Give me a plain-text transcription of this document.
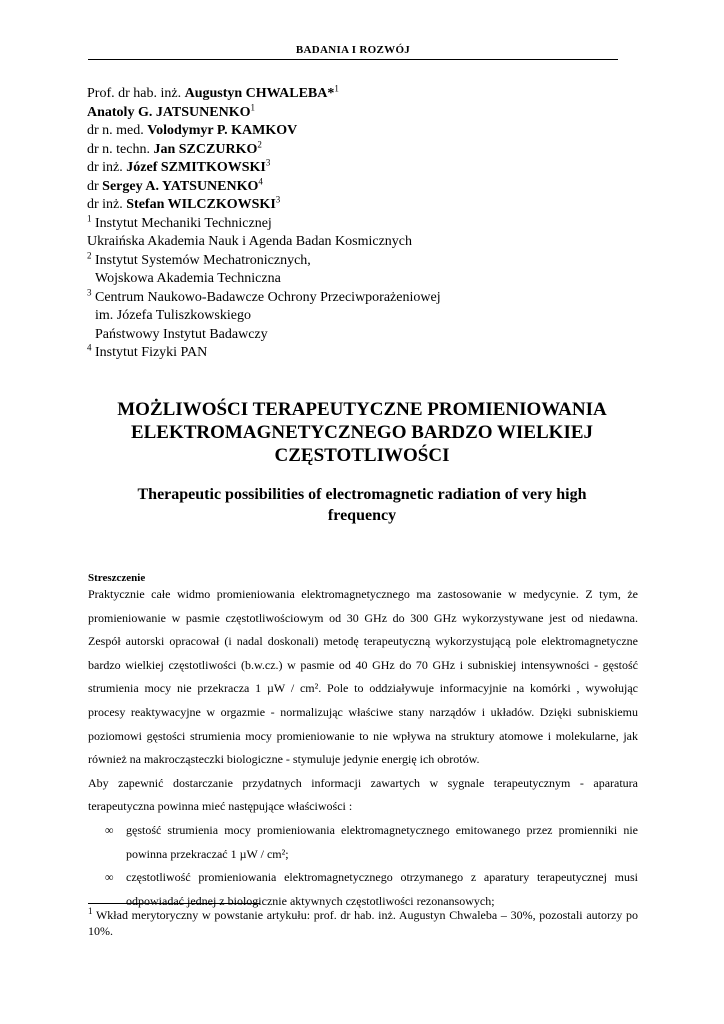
BADANIA I ROZWÓJ
Prof. dr hab. inż. Augustyn CHWALEBA*$^1$
Anatoly G. JATSUNENKO$^1$
dr n. med. Volodymyr P. KAMKOV
dr n. techn. Jan SZCZURKO$^2$
dr inż. Józef SZMITKOWSKI$^3$
dr Sergey A. YATSUNENKO$^4$
dr inż. Stefan WILCZKOWSKI$^3$
$^1$ Instytut Mechaniki Technicznej
Ukraińska Akademia Nauk i Agenda Badan Kosmicznych
$^2$ Instytut Systemów Mechatronicznych,
Wojskowa Akademia Techniczna
$^3$ Centrum Naukowo-Badawcze Ochrony Przeciwporażeniowej
im. Józefa Tuliszkowskiego
Państwowy Instytut Badawczy
$^4$ Instytut Fizyki PAN
MOŻLIWOŚCI TERAPEUTYCZNE PROMIENIOWANIA
ELEKTROMAGNETYCZNEGO BARDZO WIELKIEJ
CZĘSTOTLIWOŚCI
Therapeutic possibilities of electromagnetic radiation of very high
frequency
Streszczenie
Praktycznie całe widmo promieniowania elektromagnetycznego ma zastosowanie w medycynie. Z tym, że
promieniowanie w pasmie częstotliwościowym od 30 GHz do 300 GHz wykorzystywane jest od niedawna.
Zespół autorski opracował (i nadal doskonali) metodę terapeutyczną wykorzystującą pole elektromagnetyczne
bardzo wielkiej częstotliwości (b.w.cz.) w pasmie od 40 GHz do 70 GHz i subniskiej intensywności - gęstość
strumienia mocy nie przekracza 1 µW / cm². Pole to oddziaływuje informacyjnie na komórki , wywołując
procesy reaktywacyjne w orgazmie - normalizując właściwe stany narządów i układów. Dzięki subniskiemu
poziomowi gęstości strumienia mocy promieniowanie to nie wpływa na struktury atomowe i molekularne, jak
również na makrocząsteczki biologiczne - stymuluje jedynie energię ich obrotów.
Aby zapewnić dostarczanie przydatnych informacji zawartych w sygnale terapeutycznym - aparatura
terapeutyczna powinna mieć następujące właściwości :
∞ gęstość strumienia mocy promieniowania elektromagnetycznego emitowanego przez promienniki nie
powinna przekraczać 1 µW / cm²;
∞ częstotliwość promieniowania elektromagnetycznego otrzymanego z aparatury terapeutycznej musi
odpowiadać jednej z biologicznie aktywnych częstotliwości rezonansowych;
$^1$ Wkład merytoryczny w powstanie artykułu: prof. dr hab. inż. Augustyn Chwaleba – 30%, pozostali autorzy po 10%.
